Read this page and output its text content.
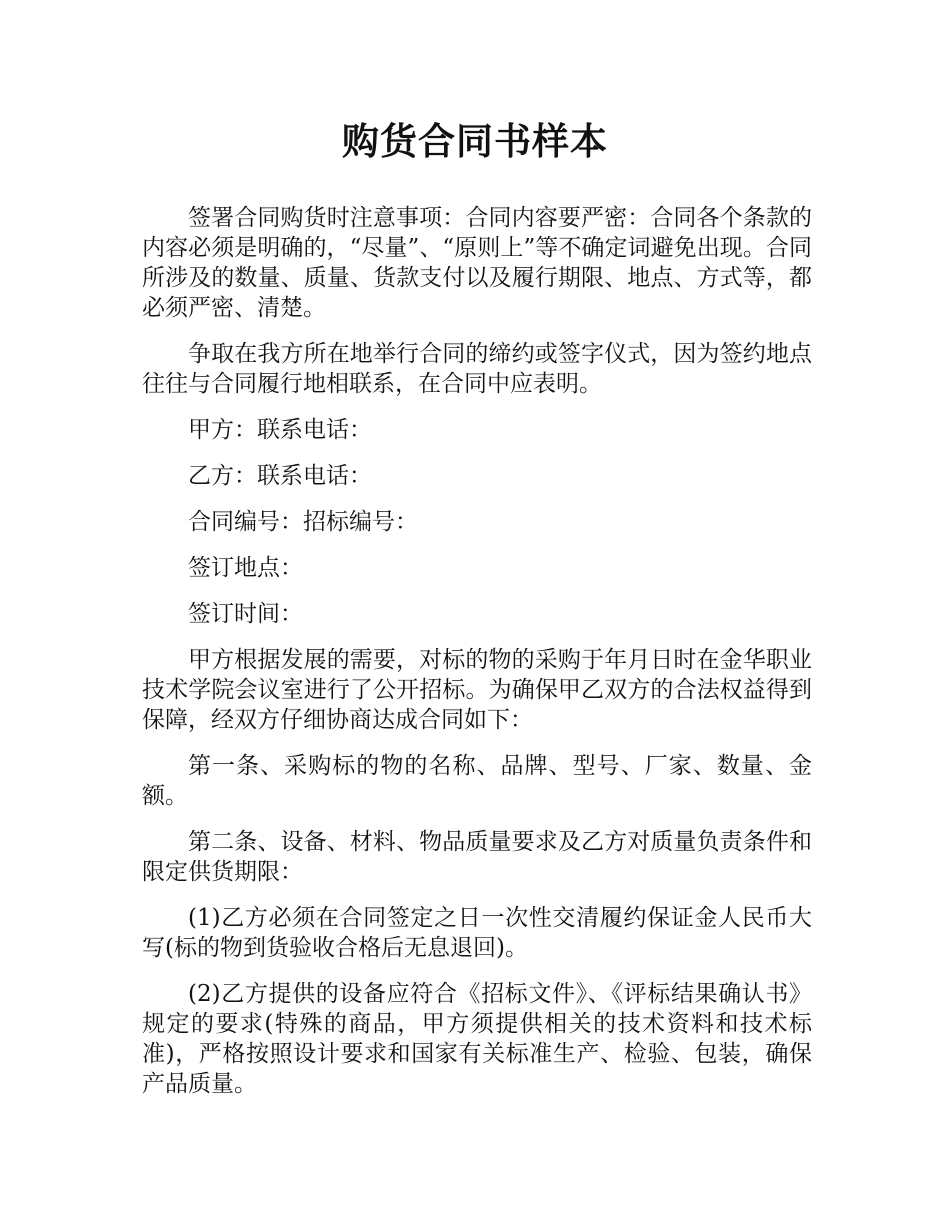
购货合同书样本

签署合同购货时注意事项：合同内容要严密：合同各个条款的内容必须是明确的，“尽量”、“原则上”等不确定词避免出现。合同所涉及的数量、质量、货款支付以及履行期限、地点、方式等，都必须严密、清楚。

争取在我方所在地举行合同的缔约或签字仪式，因为签约地点往往与合同履行地相联系，在合同中应表明。

甲方：联系电话：

乙方：联系电话：

合同编号：招标编号：

签订地点：

签订时间：

甲方根据发展的需要，对标的物的采购于年月日时在金华职业技术学院会议室进行了公开招标。为确保甲乙双方的合法权益得到保障，经双方仔细协商达成合同如下：

第一条、采购标的物的名称、品牌、型号、厂家、数量、金额。

第二条、设备、材料、物品质量要求及乙方对质量负责条件和限定供货期限：

(1)乙方必须在合同签定之日一次性交清履约保证金人民币大写(标的物到货验收合格后无息退回)。

(2)乙方提供的设备应符合《招标文件》、《评标结果确认书》规定的要求(特殊的商品，甲方须提供相关的技术资料和技术标准)，严格按照设计要求和国家有关标准生产、检验、包装，确保产品质量。
